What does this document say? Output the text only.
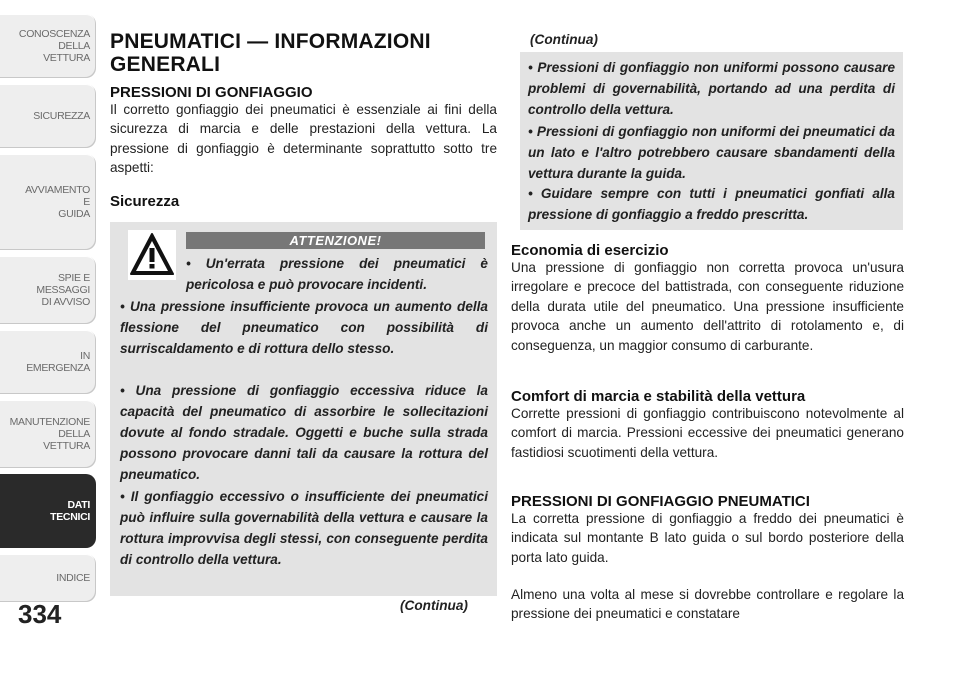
CONOSCENZA
DELLA
VETTURA
SICUREZZA
AVVIAMENTO
E
GUIDA
SPIE E
MESSAGGI
DI AVVISO
IN
EMERGENZA
MANUTENZIONE
DELLA
VETTURA
DATI
TECNICI
INDICE
334
PNEUMATICI — INFORMAZIONI GENERALI
PRESSIONI DI GONFIAGGIO

Il corretto gonfiaggio dei pneumatici è essenziale ai fini della sicurezza di marcia e delle prestazioni della vettura. La pressione di gonfiaggio è determinante soprattutto sotto tre aspetti:

Sicurezza
ATTENZIONE!

• Un'errata pressione dei pneumatici è pericolosa e può provocare incidenti.

• Una pressione insufficiente provoca un aumento della flessione del pneumatico con possibilità di surriscaldamento e di rottura dello stesso.

• Una pressione di gonfiaggio eccessiva riduce la capacità del pneumatico di assorbire le sollecitazioni dovute al fondo stradale. Oggetti e buche sulla strada possono provocare danni tali da causare la rottura del pneumatico.

• Il gonfiaggio eccessivo o insufficiente dei pneumatici può influire sulla governabilità della vettura e causare la rottura improvvisa degli stessi, con conseguente perdita di controllo della vettura.

(Continua)
(Continua)

• Pressioni di gonfiaggio non uniformi possono causare problemi di governabilità, portando ad una perdita di controllo della vettura.

• Pressioni di gonfiaggio non uniformi dei pneumatici da un lato e l'altro potrebbero causare sbandamenti della vettura durante la guida.

• Guidare sempre con tutti i pneumatici gonfiati alla pressione di gonfiaggio a freddo prescritta.

Economia di esercizio

Una pressione di gonfiaggio non corretta provoca un'usura irregolare e precoce del battistrada, con conseguente riduzione della durata utile del pneumatico. Una pressione insufficiente provoca anche un aumento dell'attrito di rotolamento e, di conseguenza, un maggior consumo di carburante.

Comfort di marcia e stabilità della vettura

Corrette pressioni di gonfiaggio contribuiscono notevolmente al comfort di marcia. Pressioni eccessive dei pneumatici generano fastidiosi scuotimenti della vettura.

PRESSIONI DI GONFIAGGIO PNEUMATICI

La corretta pressione di gonfiaggio a freddo dei pneumatici è indicata sul montante B lato guida o sul bordo posteriore della porta lato guida.

Almeno una volta al mese si dovrebbe controllare e regolare la pressione dei pneumatici e constatare
